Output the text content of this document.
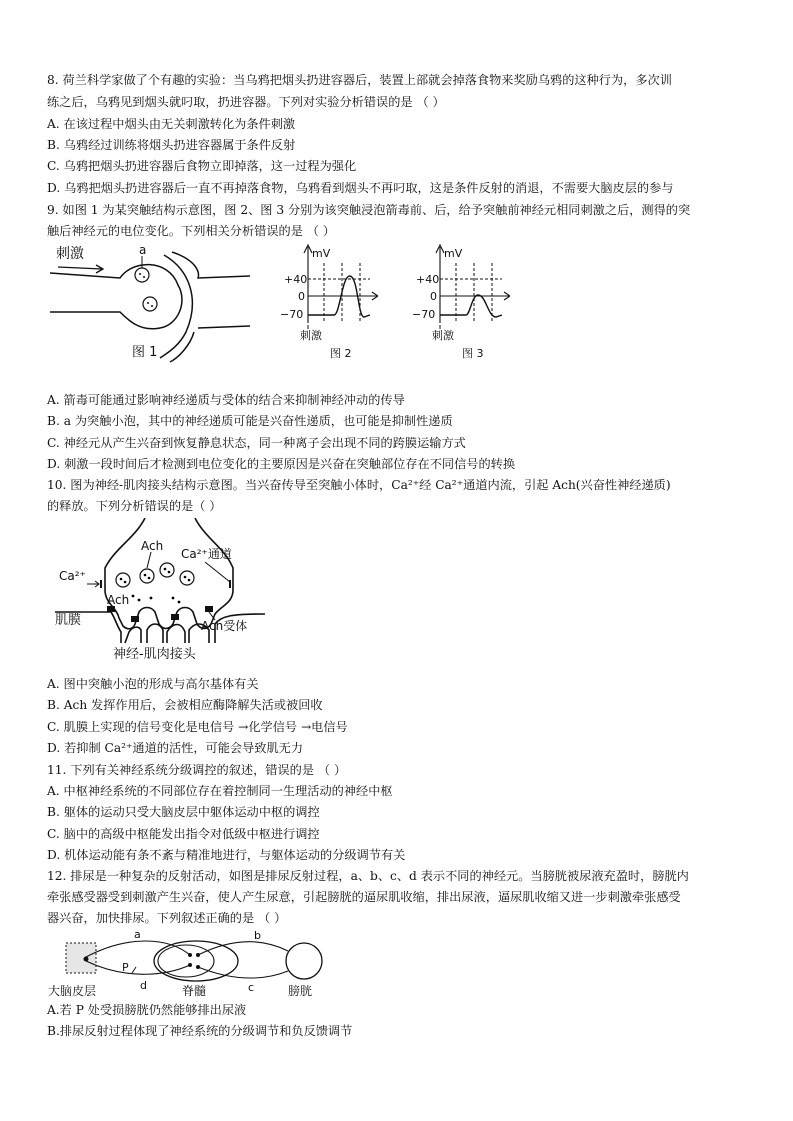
8. 荷兰科学家做了个有趣的实验：当乌鸦把烟头扔进容器后，装置上部就会掉落食物来奖励乌鸦的这种行为，多次训
练之后，乌鸦见到烟头就叼取，扔进容器。下列对实验分析错误的是 （ ）
A. 在该过程中烟头由无关刺激转化为条件刺激
B. 乌鸦经过训练将烟头扔进容器属于条件反射
C. 乌鸦把烟头扔进容器后食物立即掉落，这一过程为强化
D. 乌鸦把烟头扔进容器后一直不再掉落食物，乌鸦看到烟头不再叼取，这是条件反射的消退，不需要大脑皮层的参与
9. 如图 1 为某突触结构示意图，图 2、图 3 分别为该突触浸泡箭毒前、后，给予突触前神经元相同刺激之后，测得的突
触后神经元的电位变化。下列相关分析错误的是 （ ）
刺激	a
图 1
mV
+40
0
−70
刺激
图 2
mV
+40
0
−70
刺激
图 3
A. 箭毒可能通过影响神经递质与受体的结合来抑制神经冲动的传导
B. a 为突触小泡，其中的神经递质可能是兴奋性递质，也可能是抑制性递质
C. 神经元从产生兴奋到恢复静息状态，同一种离子会出现不同的跨膜运输方式
D. 刺激一段时间后才检测到电位变化的主要原因是兴奋在突触部位存在不同信号的转换
10. 图为神经-肌肉接头结构示意图。当兴奋传导至突触小体时，Ca²⁺经 Ca²⁺通道内流，引起 Ach(兴奋性神经递质)
的释放。下列分析错误的是（ ）
Ach
Ca²⁺通道
Ca²⁺
Ach
肌膜	Ach受体
神经-肌肉接头
A. 图中突触小泡的形成与高尔基体有关
B. Ach 发挥作用后，会被相应酶降解失活或被回收
C. 肌膜上实现的信号变化是电信号 →化学信号 →电信号
D. 若抑制 Ca²⁺通道的活性，可能会导致肌无力
11. 下列有关神经系统分级调控的叙述，错误的是 （ ）
A. 中枢神经系统的不同部位存在着控制同一生理活动的神经中枢
B. 躯体的运动只受大脑皮层中躯体运动中枢的调控
C. 脑中的高级中枢能发出指令对低级中枢进行调控
D. 机体运动能有条不紊与精准地进行，与躯体运动的分级调节有关
12. 排尿是一种复杂的反射活动，如图是排尿反射过程，a、b、c、d 表示不同的神经元。当膀胱被尿液充盈时，膀胱内
牵张感受器受到刺激产生兴奋，使人产生尿意，引起膀胱的逼尿肌收缩，排出尿液，逼尿肌收缩又进一步刺激牵张感受
器兴奋，加快排尿。下列叙述正确的是 （ ）
a	b
c
d
P
大脑皮层	脊髓	膀胱
A.若 P 处受损膀胱仍然能够排出尿液
B.排尿反射过程体现了神经系统的分级调节和负反馈调节
